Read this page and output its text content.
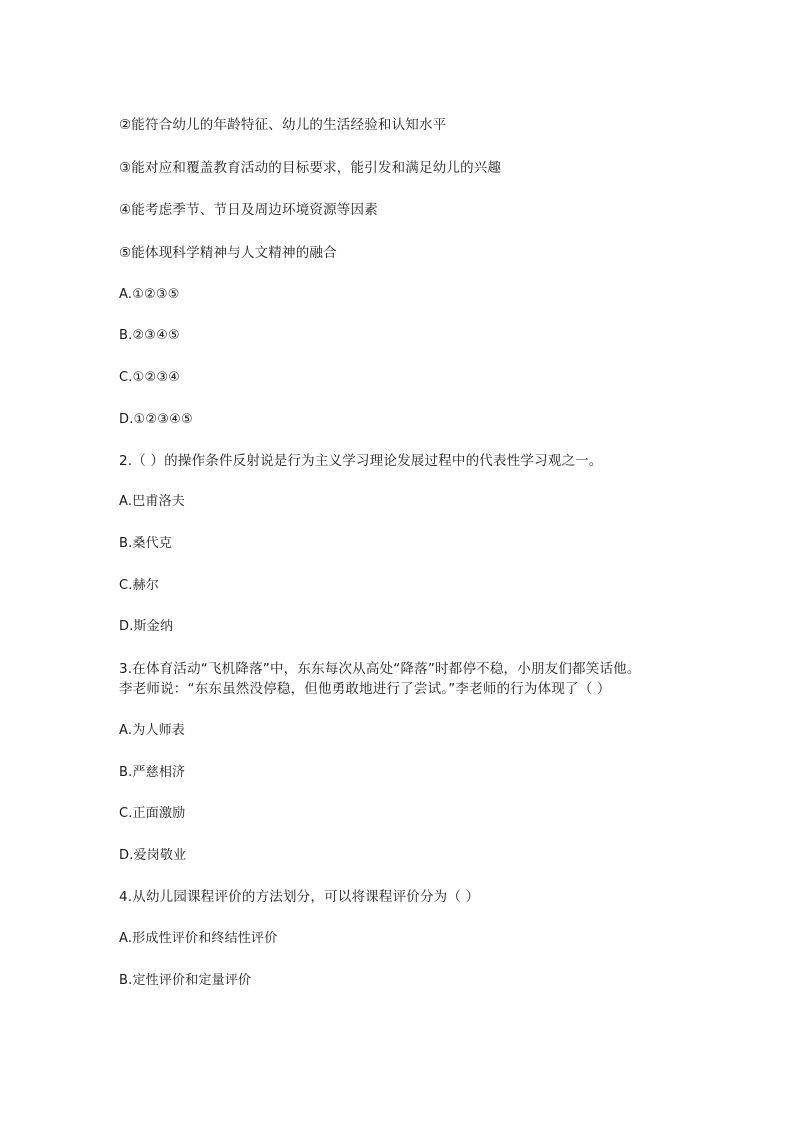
②能符合幼儿的年龄特征、幼儿的生活经验和认知水平
③能对应和覆盖教育活动的目标要求，能引发和满足幼儿的兴趣
④能考虑季节、节日及周边环境资源等因素
⑤能体现科学精神与人文精神的融合
A.①②③⑤
B.②③④⑤
C.①②③④
D.①②③④⑤
2.（ ）的操作条件反射说是行为主义学习理论发展过程中的代表性学习观之一。
A.巴甫洛夫
B.桑代克
C.赫尔
D.斯金纳
3.在体育活动“飞机降落”中，东东每次从高处“降落”时都停不稳，小朋友们都笑话他。
李老师说：“东东虽然没停稳，但他勇敢地进行了尝试。”李老师的行为体现了（ ）
A.为人师表
B.严慈相济
C.正面激励
D.爱岗敬业
4.从幼儿园课程评价的方法划分，可以将课程评价分为（ ）
A.形成性评价和终结性评价
B.定性评价和定量评价
